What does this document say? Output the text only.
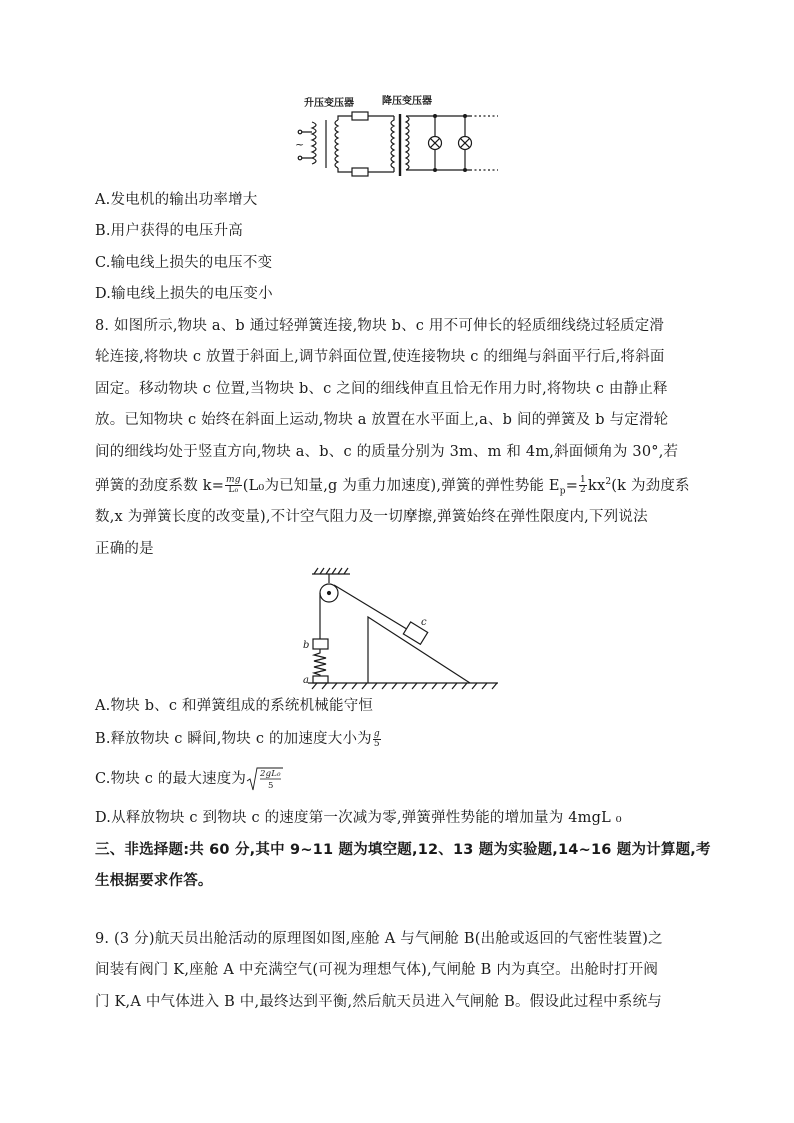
升压变压器	降压变压器
~
A.发电机的输出功率增大
B.用户获得的电压升高
C.输电线上损失的电压不变
D.输电线上损失的电压变小
8. 如图所示,物块 a、b 通过轻弹簧连接,物块 b、c 用不可伸长的轻质细线绕过轻质定滑
轮连接,将物块 c 放置于斜面上,调节斜面位置,使连接物块 c 的细绳与斜面平行后,将斜面
固定。移动物块 c 位置,当物块 b、c 之间的细线伸直且恰无作用力时,将物块 c 由静止释
放。已知物块 c 始终在斜面上运动,物块 a 放置在水平面上,a、b 间的弹簧及 b 与定滑轮
间的细线均处于竖直方向,物块 a、b、c 的质量分别为 3m、m 和 4m,斜面倾角为 30°,若
弹簧的劲度系数 $k= \frac{mg}{\text{L₀}} (L_0$为已知量,g 为重力加速度),弹簧的弹性势能 $E_p= \frac{1}{2} kx^2(k$ 为劲度系
数,x 为弹簧长度的改变量),不计空气阻力及一切摩擦,弹簧始终在弹性限度内,下列说法
正确的是
a
b
c
A.物块 b、c 和弹簧组成的系统机械能守恒
B.释放物块 c 瞬间,物块 c 的加速度大小为 $\frac{g}{5}$
C.物块 c 的最大速度为 2gL₀
5
D.从释放物块 c 到物块 c 的速度第一次减为零,弹簧弹性势能的增加量为 4mgL ₀
三、非选择题:共 60 分,其中 9~11 题为填空题,12、13 题为实验题,14~16 题为计算题,考
生根据要求作答。
9. (3 分)航天员出舱活动的原理图如图,座舱 A 与气闸舱 B(出舱或返回的气密性装置)之
间装有阀门 K,座舱 A 中充满空气(可视为理想气体),气闸舱 B 内为真空。出舱时打开阀
门 K,A 中气体进入 B 中,最终达到平衡,然后航天员进入气闸舱 B。假设此过程中系统与
